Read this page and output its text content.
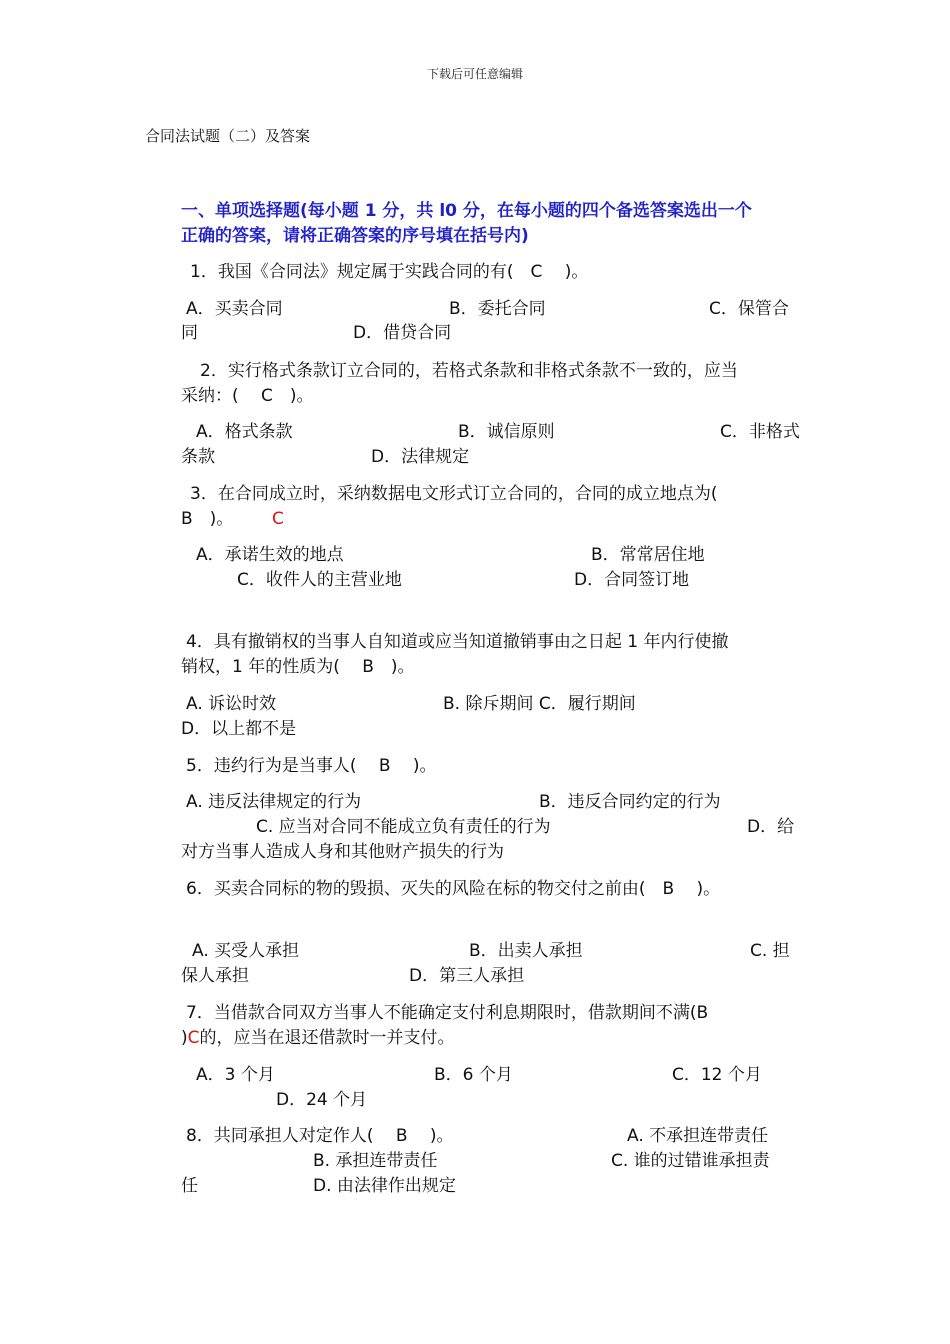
下载后可任意编辑
合同法试题（二）及答案
一、单项选择题(每小题 1 分，共 l0 分，在每小题的四个备选答案选出一个
正确的答案，请将正确答案的序号填在括号内)
1．我国《合同法》规定属于实践合同的有(　C　 )。
A．买卖合同	B．委托合同	C．保管合
同	D．借贷合同
2．实行格式条款订立合同的，若格式条款和非格式条款不一致的，应当
采纳：(　 C　)。
A．格式条款	B．诚信原则	C．非格式
条款	D．法律规定
3．在合同成立时，采纳数据电文形式订立合同的，合同的成立地点为(
B　)。 C
A．承诺生效的地点	B．常常居住地
C．收件人的主营业地	D．合同签订地
4．具有撤销权的当事人自知道或应当知道撤销事由之日起 1 年内行使撤
销权，1 年的性质为(　 B　)。
A. 诉讼时效	B. 除斥期间 C．履行期间
D．以上都不是
5．违约行为是当事人(　 B　 )。
A. 违反法律规定的行为	B．违反合同约定的行为
C. 应当对合同不能成立负有责任的行为	D．给
对方当事人造成人身和其他财产损失的行为
6．买卖合同标的物的毁损、灭失的风险在标的物交付之前由(　B　 )。
A. 买受人承担	B．出卖人承担	C. 担
保人承担	D．第三人承担
7．当借款合同双方当事人不能确定支付利息期限时，借款期间不满(B
)C的，应当在退还借款时一并支付。
A．3 个月	B．6 个月	C．12 个月
D．24 个月
8．共同承担人对定作人(　 B　 )。	A. 不承担连带责任
B. 承担连带责任	C. 谁的过错谁承担责
任	D. 由法律作出规定
